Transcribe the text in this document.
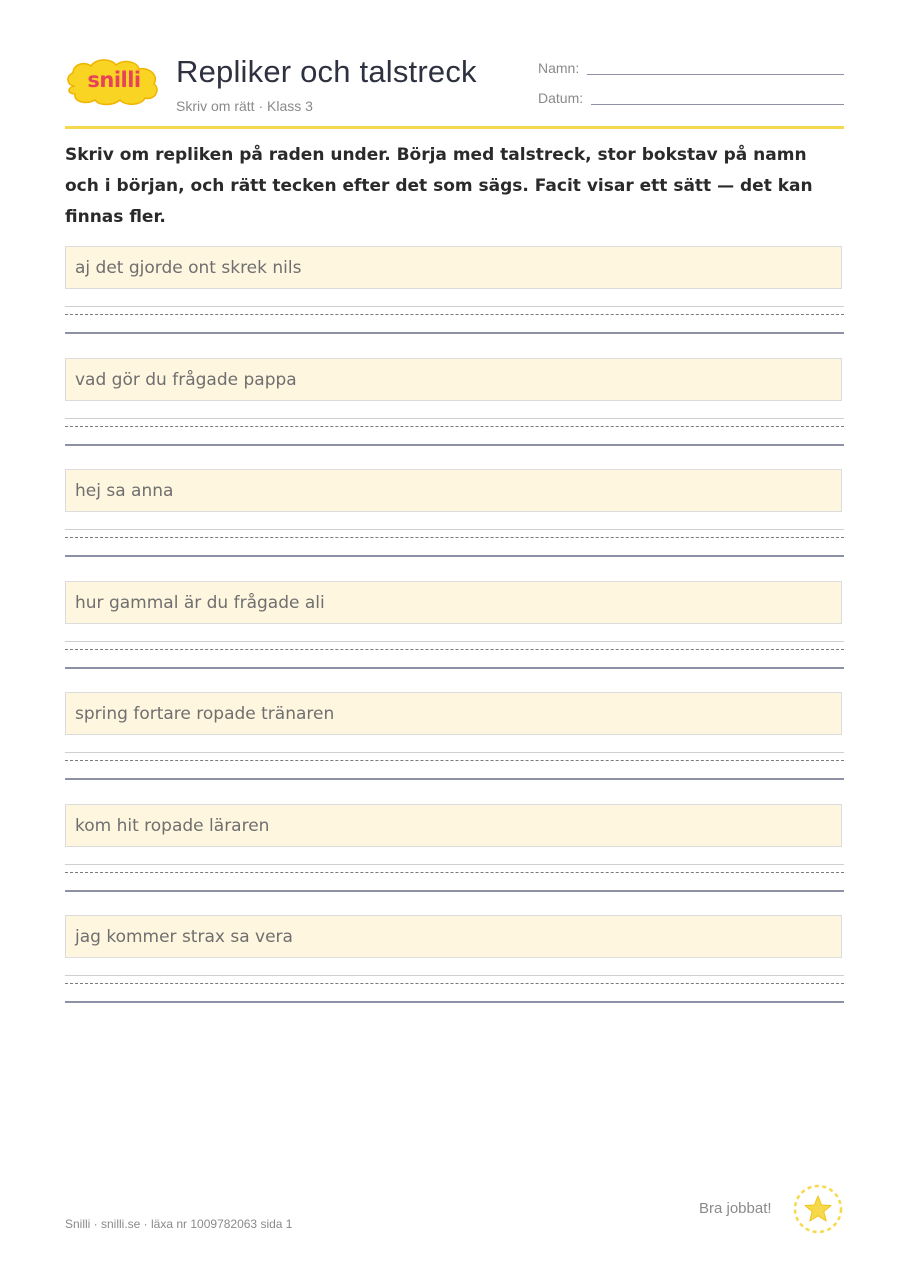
snilli	Repliker och talstreck
Skriv om rätt · Klass 3
Namn:
Datum:
Skriv om repliken på raden under. Börja med talstreck, stor bokstav på namn och i början, och rätt tecken efter det som sägs. Facit visar ett sätt — det kan finnas fler.
aj det gjorde ont skrek nils
vad gör du frågade pappa
hej sa anna
hur gammal är du frågade ali
spring fortare ropade tränaren
kom hit ropade läraren
jag kommer strax sa vera
Snilli · snilli.se · läxa nr 1009782063 sida 1
Bra jobbat!
